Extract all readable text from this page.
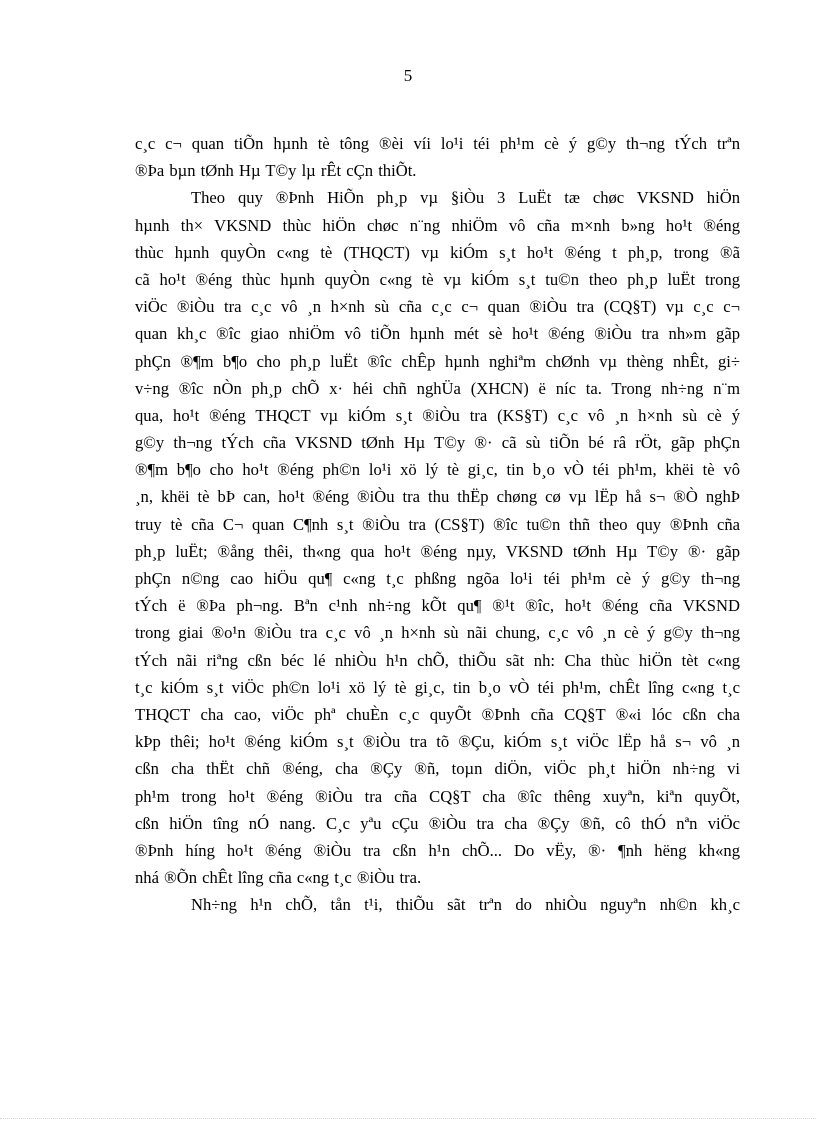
5
c¸c c¬ quan tiÕn hµnh tè tông ®èi víi lo¹i téi ph¹m cè ý g©y th¬ng tÝch trªn
®Þa bµn tØnh Hµ T©y lµ rÊt cÇn thiÕt.
Theo quy ®Þnh HiÕn ph¸p vµ §iÒu 3 LuËt tæ chøc VKSND hiÖn
hµnh th× VKSND thùc hiÖn chøc n¨ng nhiÖm vô cña m×nh b»ng ho¹t ®éng
thùc hµnh quyÒn c«ng tè (THQCT) vµ kiÓm s¸t ho¹t ®éng t ph¸p, trong ®ã
cã ho¹t ®éng thùc hµnh quyÒn c«ng tè vµ kiÓm s¸t tu©n theo ph¸p luËt trong
viÖc ®iÒu tra c¸c vô ¸n h×nh sù cña c¸c c¬ quan ®iÒu tra (CQ§T) vµ c¸c c¬
quan kh¸c ®îc giao nhiÖm vô tiÕn hµnh mét sè ho¹t ®éng ®iÒu tra nh»m gãp
phÇn ®¶m b¶o cho ph¸p luËt ®îc chÊp hµnh nghiªm chØnh vµ thèng nhÊt, gi÷
v÷ng ®îc nÒn ph¸p chÕ x· héi chñ nghÜa (XHCN) ë níc ta. Trong nh÷ng n¨m
qua, ho¹t ®éng THQCT vµ kiÓm s¸t ®iÒu tra (KS§T) c¸c vô ¸n h×nh sù cè ý
g©y th¬ng tÝch cña VKSND tØnh Hµ T©y ®· cã sù tiÕn bé râ rÖt, gãp phÇn
®¶m b¶o cho ho¹t ®éng ph©n lo¹i xö lý tè gi¸c, tin b¸o vÒ téi ph¹m, khëi tè vô
¸n, khëi tè bÞ can, ho¹t ®éng ®iÒu tra thu thËp chøng cø vµ lËp hå s¬ ®Ò nghÞ
truy tè cña C¬ quan C¶nh s¸t ®iÒu tra (CS§T) ®îc tu©n thñ theo quy ®Þnh cña
ph¸p luËt; ®ång thêi, th«ng qua ho¹t ®éng nµy, VKSND tØnh Hµ T©y ®· gãp
phÇn n©ng cao hiÖu qu¶ c«ng t¸c phßng ngõa lo¹i téi ph¹m cè ý g©y th¬ng
tÝch ë ®Þa ph¬ng. Bªn c¹nh nh÷ng kÕt qu¶ ®¹t ®îc, ho¹t ®éng cña VKSND
trong giai ®o¹n ®iÒu tra c¸c vô ¸n h×nh sù nãi chung, c¸c vô ¸n cè ý g©y th¬ng
tÝch nãi riªng cßn béc lé nhiÒu h¹n chÕ, thiÕu sãt nh: Cha thùc hiÖn tèt c«ng
t¸c kiÓm s¸t viÖc ph©n lo¹i xö lý tè gi¸c, tin b¸o vÒ téi ph¹m, chÊt lîng c«ng t¸c
THQCT cha cao, viÖc phª chuÈn c¸c quyÕt ®Þnh cña CQ§T ®«i lóc cßn cha
kÞp thêi; ho¹t ®éng kiÓm s¸t ®iÒu tra tõ ®Çu, kiÓm s¸t viÖc lËp hå s¬ vô ¸n
cßn cha thËt chñ ®éng, cha ®Çy ®ñ, toµn diÖn, viÖc ph¸t hiÖn nh÷ng vi
ph¹m trong ho¹t ®éng ®iÒu tra cña CQ§T cha ®îc thêng xuyªn, kiªn quyÕt,
cßn hiÖn tîng nÓ nang. C¸c yªu cÇu ®iÒu tra cha ®Çy ®ñ, cô thÓ nªn viÖc
®Þnh híng ho¹t ®éng ®iÒu tra cßn h¹n chÕ... Do vËy, ®· ¶nh hëng kh«ng
nhá ®Õn chÊt lîng cña c«ng t¸c ®iÒu tra.
Nh÷ng h¹n chÕ, tån t¹i, thiÕu sãt trªn do nhiÒu nguyªn nh©n kh¸c
